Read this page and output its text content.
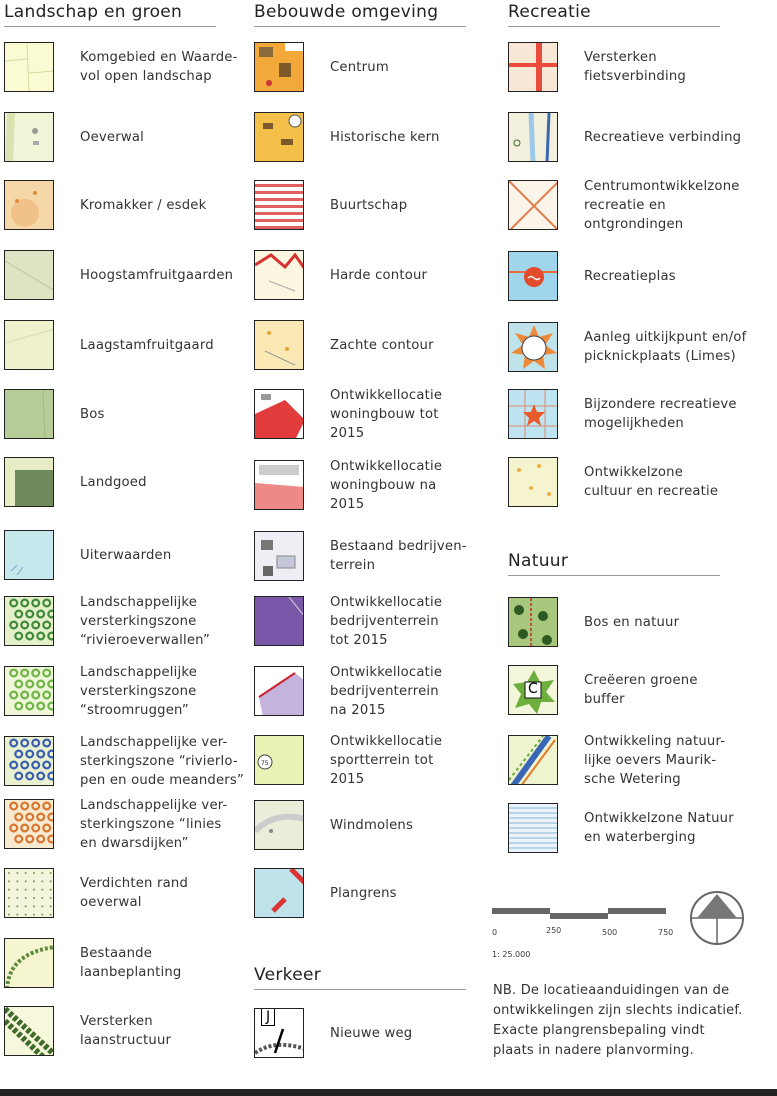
Landschap en groen
Komgebied en Waarde-
vol open landschap
Oeverwal
Kromakker / esdek
Hoogstamfruitgaarden
Laagstamfruitgaard
Bos
Landgoed
Uiterwaarden
Landschappelijke
versterkingszone
“rivieroeverwallen”
Landschappelijke
versterkingszone
“stroomruggen”
Landschappelijke ver-
sterkingszone “rivierlo-
pen en oude meanders”
Landschappelijke ver-
sterkingszone “linies
en dwarsdijken”
Verdichten rand
oeverwal
Bestaande
laanbeplanting
Versterken
laanstructuur
Bebouwde omgeving
Verkeer
Centrum
Historische kern
Buurtschap
Harde contour
Zachte contour
Ontwikkellocatie
woningbouw tot
2015
Ontwikkellocatie
woningbouw na
2015
Bestaand bedrijven-
terrein
Ontwikkellocatie
bedrijventerrein
tot 2015
Ontwikkellocatie
bedrijventerrein
na 2015
75
Ontwikkellocatie
sportterrein tot
2015
Windmolens
Plangrens
J
Nieuwe weg
Recreatie
Natuur
Versterken
fietsverbinding
Recreatieve verbinding
Centrumontwikkelzone
recreatie en
ontgrondingen
Recreatieplas
Aanleg uitkijkpunt en/of
picknickplaats (Limes)
Bijzondere recreatieve
mogelijkheden
Ontwikkelzone
cultuur en recreatie
Bos en natuur
C
Creëeren groene
buffer
Ontwikkeling natuur-
lijke oevers Maurik-
sche Wetering
Ontwikkelzone Natuur
en waterberging
0	250	500	750
1: 25.000
NB. De locatieaanduidingen van de
ontwikkelingen zijn slechts indicatief.
Exacte plangrensbepaling vindt
plaats in nadere planvorming.
